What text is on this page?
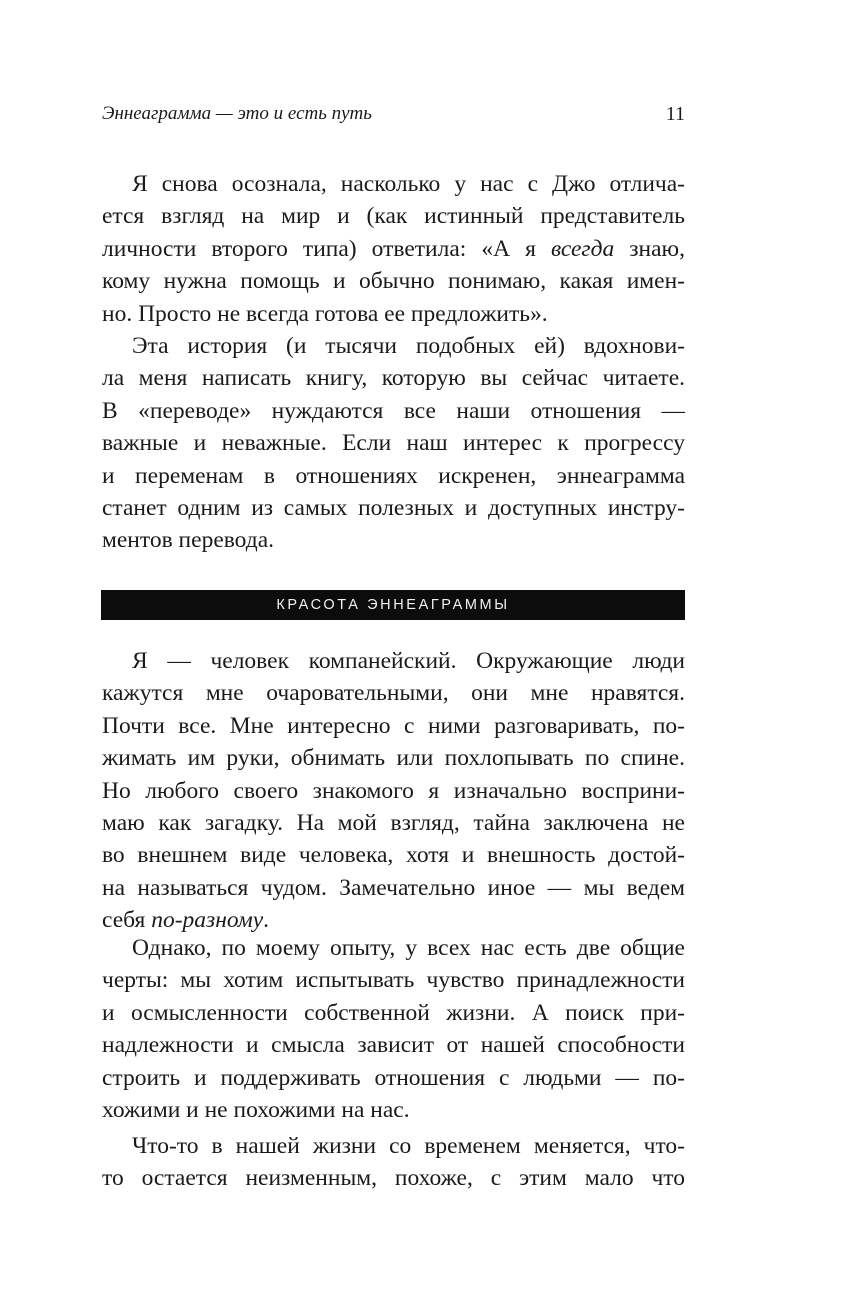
Эннеаграмма — это и есть путь	11
Я снова осознала, насколько у нас с Джо отлича-
ется взгляд на мир и (как истинный представитель
личности второго типа) ответила: «А я всегда знаю,
кому нужна помощь и обычно понимаю, какая имен-
но. Просто не всегда готова ее предложить».
Эта история (и тысячи подобных ей) вдохнови-
ла меня написать книгу, которую вы сейчас читаете.
В «переводе» нуждаются все наши отношения —
важные и неважные. Если наш интерес к прогрессу
и переменам в отношениях искренен, эннеаграмма
станет одним из самых полезных и доступных инстру-
ментов перевода.
КРАСОТА ЭННЕАГРАММЫ
Я — человек компанейский. Окружающие люди
кажутся мне очаровательными, они мне нравятся.
Почти все. Мне интересно с ними разговаривать, по-
жимать им руки, обнимать или похлопывать по спине.
Но любого своего знакомого я изначально восприни-
маю как загадку. На мой взгляд, тайна заключена не
во внешнем виде человека, хотя и внешность достой-
на называться чудом. Замечательно иное — мы ведем
себя по-разному.
Однако, по моему опыту, у всех нас есть две общие
черты: мы хотим испытывать чувство принадлежности
и осмысленности собственной жизни. А поиск при-
надлежности и смысла зависит от нашей способности
строить и поддерживать отношения с людьми — по-
хожими и не похожими на нас.
Что-то в нашей жизни со временем меняется, что-
то остается неизменным, похоже, с этим мало что
